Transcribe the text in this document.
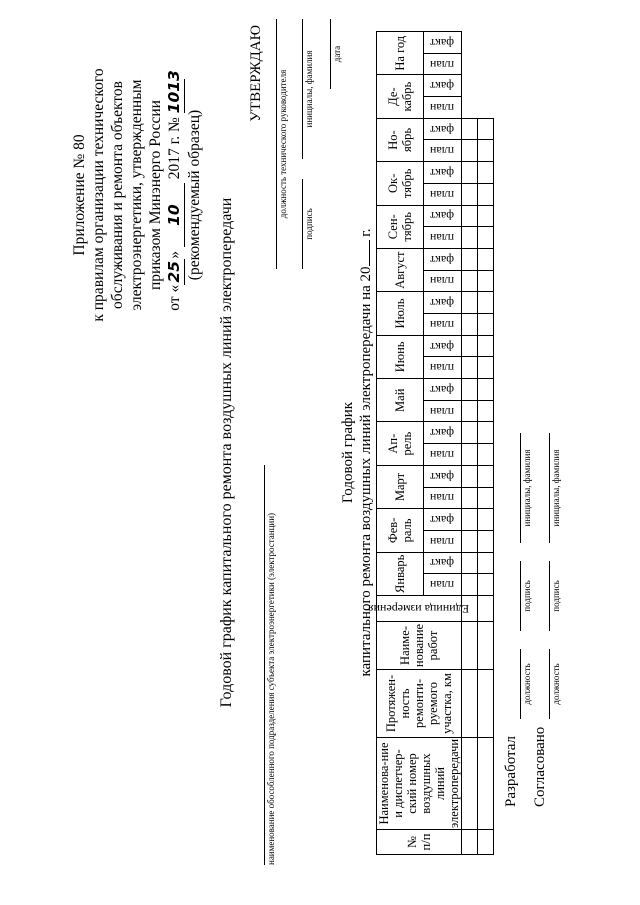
Приложение № 80 к правилам организации технического обслуживания и ремонта объектов электроэнергетики, утвержденным приказом Минэнерго России
от «25» 10 2017 г. № 1013
(рекомендуемый образец)
Годовой график капитального ремонта воздушных линий электропередачи
УТВЕРЖДАЮ должность технического руководителя
подпись
инициалы, фамилия дата
наименование обособленного подразделения субъекта электроэнергетики (электростанции)
Годовой график капитального ремонта воздушных линий электропередачи на 20 г.
№ п/п	Наименова-ние и диспетчер-ский номер воздушных линий электропередачи	Протяжен-ность ремонти-руемого участка, км	Наиме-нование работ	Единица измерения	Январь		Фев-раль		Март		Ап-рель		Май		Июнь		Июль		Август		Сен-тябрь		Ок-тябрь		Но-ябрь		Де-кабрь		На год	

					план	факт	план	факт	план	факт	план	факт	план	факт	план	факт	план	факт	план	факт	план	факт	план	факт	план	факт	план	факт	план	факт

Разработал
должность
подпись
инициалы, фамилия
Согласовано
должность
подпись
инициалы, фамилия
